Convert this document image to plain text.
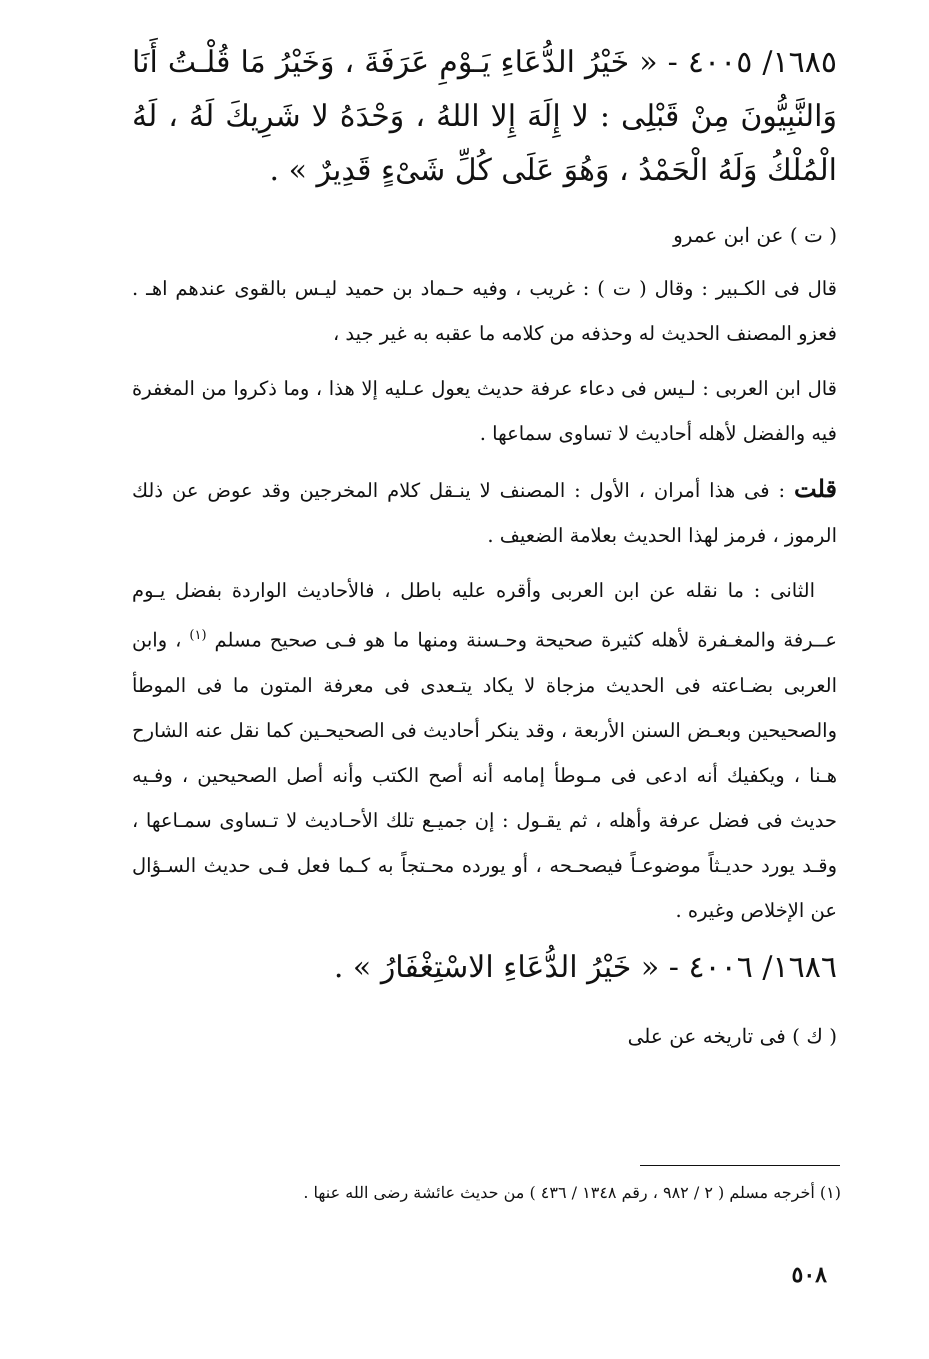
١٦٨٥/ ٤٠٠٥ - « خَيْرُ الدُّعَاءِ يَـوْمِ عَرَفَةَ ، وَخَيْرُ مَا قُلْـتُ أَنَا وَالنَّبِيُّونَ مِنْ قَبْلِى : لا إِلَهَ إِلا اللهُ ، وَحْدَهُ لا شَرِيكَ لَهُ ، لَهُ الْمُلْكُ وَلَهُ الْحَمْدُ ، وَهُوَ عَلَى كُلِّ شَىْءٍ قَدِيرٌ » .

( ت ) عن ابن عمرو

قال فى الكـبير : وقال ( ت ) : غريب ، وفيه حـماد بن حميد ليـس بالقوى عندهم اهـ . فعزو المصنف الحديث له وحذفه من كلامه ما عقبه به غير جيد ،

قال ابن العربى : لـيس فى دعاء عرفة حديث يعول عـليه إلا هذا ، وما ذكروا من المغفرة فيه والفضل لأهله أحاديث لا تساوى سماعها .

قلت : فى هذا أمران ، الأول : المصنف لا ينـقل كلام المخرجين وقد عوض عن ذلك الرموز ، فرمز لهذا الحديث بعلامة الضعيف .

الثانى : ما نقله عن ابن العربى وأقره عليه باطل ، فالأحاديث الواردة بفضل يـوم عــرفة والمغـفرة لأهله كثيرة صحيحة وحـسنة ومنها ما هو فـى صحيح مسلم $^{(١)}$ ، وابن العربى بضـاعته فى الحديث مزجاة لا يكاد يتـعدى فى معرفة المتون ما فى الموطأ والصحيحين وبعـض السنن الأربعة ، وقد ينكر أحاديث فى الصحيحـين كما نقل عنه الشارح هـنا ، ويكفيك أنه ادعى فى مـوطأ إمامه أنه أصح الكتب وأنه أصل الصحيحين ، وفـيه حديث فى فضل عرفة وأهله ، ثم يقـول : إن جميـع تلك الأحـاديث لا تـساوى سمـاعها ، وقـد يورد حديـثاً موضوعـاً فيصحـحه ، أو يورده محـتجاً به كـما فعل فـى حديث السـؤال عن الإخلاص وغيره .

١٦٨٦/ ٤٠٠٦ - « خَيْرُ الدُّعَاءِ الاسْتِغْفَارُ » .

( ك ) فى تاريخه عن على

(١) أخرجه مسلم ( ٢ / ٩٨٢ ، رقم ١٣٤٨ / ٤٣٦ ) من حديث عائشة رضى الله عنها .

٥٠٨
